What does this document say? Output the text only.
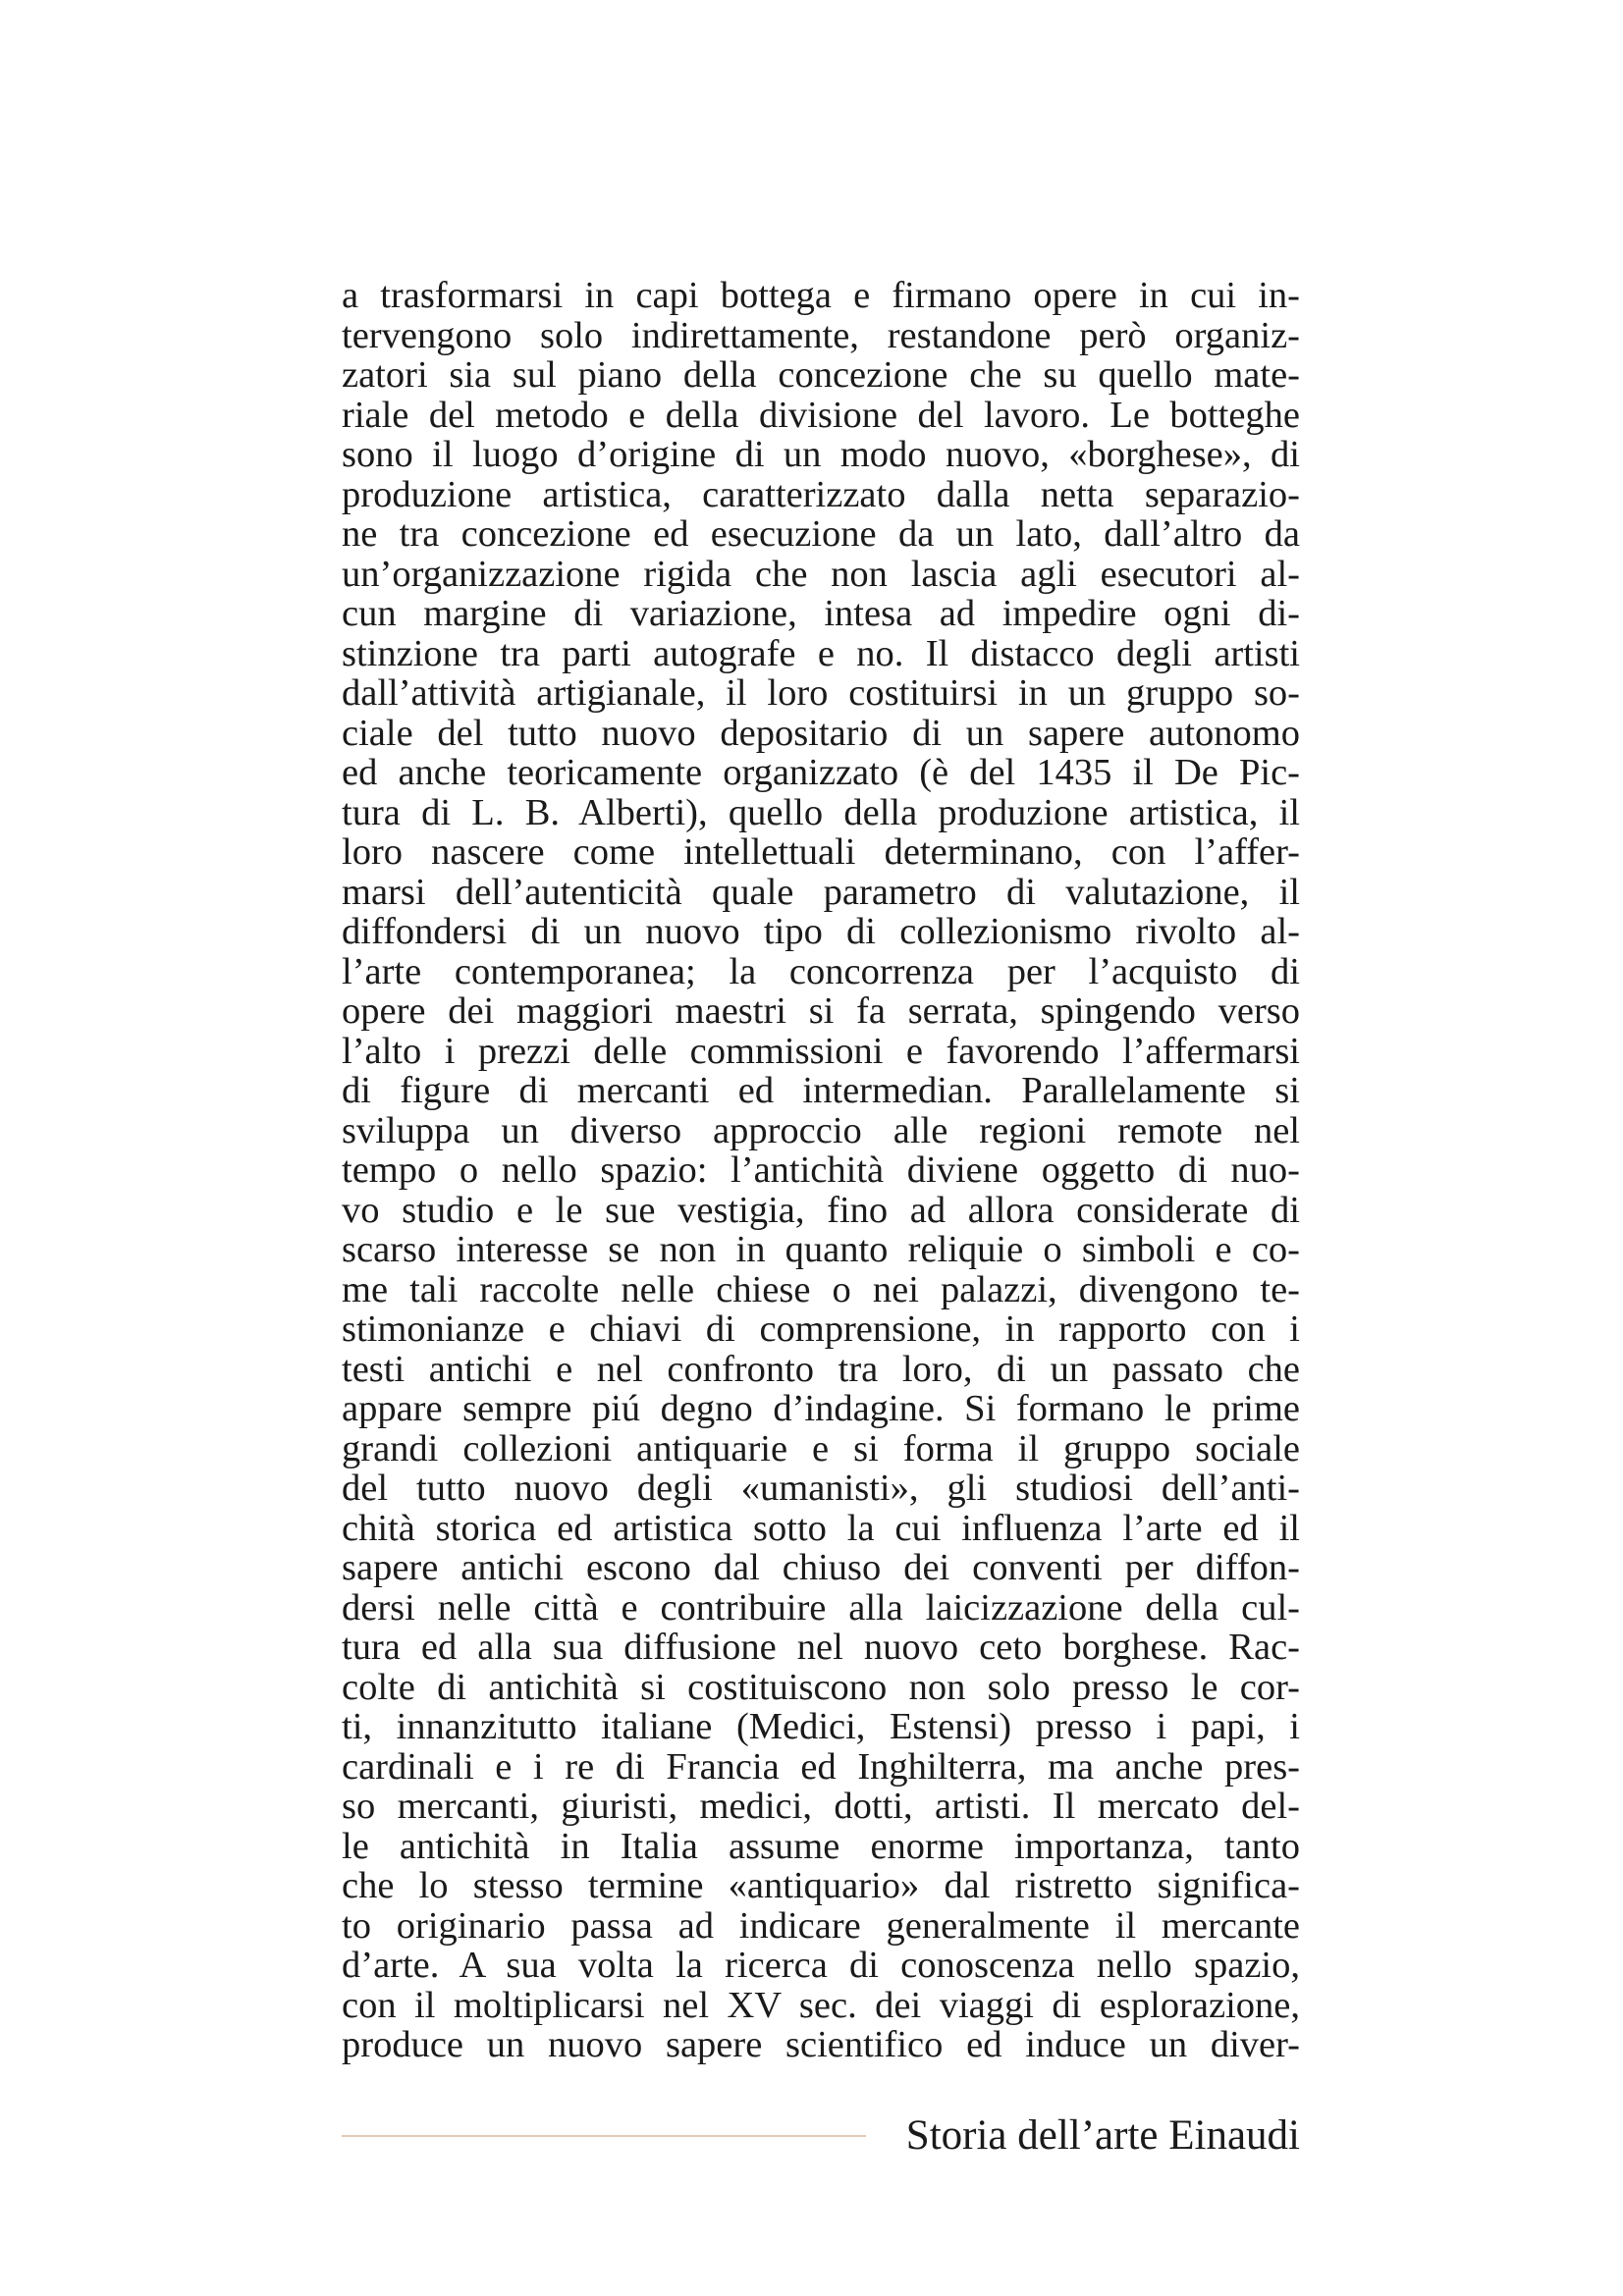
a trasformarsi in capi bottega e firmano opere in cui in-
tervengono solo indirettamente, restandone però organiz-
zatori sia sul piano della concezione che su quello mate-
riale del metodo e della divisione del lavoro. Le botteghe
sono il luogo d’origine di un modo nuovo, «borghese», di
produzione artistica, caratterizzato dalla netta separazio-
ne tra concezione ed esecuzione da un lato, dall’altro da
un’organizzazione rigida che non lascia agli esecutori al-
cun margine di variazione, intesa ad impedire ogni di-
stinzione tra parti autografe e no. Il distacco degli artisti
dall’attività artigianale, il loro costituirsi in un gruppo so-
ciale del tutto nuovo depositario di un sapere autonomo
ed anche teoricamente organizzato (è del 1435 il De Pic-
tura di L. B. Alberti), quello della produzione artistica, il
loro nascere come intellettuali determinano, con l’affer-
marsi dell’autenticità quale parametro di valutazione, il
diffondersi di un nuovo tipo di collezionismo rivolto al-
l’arte contemporanea; la concorrenza per l’acquisto di
opere dei maggiori maestri si fa serrata, spingendo verso
l’alto i prezzi delle commissioni e favorendo l’affermarsi
di figure di mercanti ed intermedian. Parallelamente si
sviluppa un diverso approccio alle regioni remote nel
tempo o nello spazio: l’antichità diviene oggetto di nuo-
vo studio e le sue vestigia, fino ad allora considerate di
scarso interesse se non in quanto reliquie o simboli e co-
me tali raccolte nelle chiese o nei palazzi, divengono te-
stimonianze e chiavi di comprensione, in rapporto con i
testi antichi e nel confronto tra loro, di un passato che
appare sempre piú degno d’indagine. Si formano le prime
grandi collezioni antiquarie e si forma il gruppo sociale
del tutto nuovo degli «umanisti», gli studiosi dell’anti-
chità storica ed artistica sotto la cui influenza l’arte ed il
sapere antichi escono dal chiuso dei conventi per diffon-
dersi nelle città e contribuire alla laicizzazione della cul-
tura ed alla sua diffusione nel nuovo ceto borghese. Rac-
colte di antichità si costituiscono non solo presso le cor-
ti, innanzitutto italiane (Medici, Estensi) presso i papi, i
cardinali e i re di Francia ed Inghilterra, ma anche pres-
so mercanti, giuristi, medici, dotti, artisti. Il mercato del-
le antichità in Italia assume enorme importanza, tanto
che lo stesso termine «antiquario» dal ristretto significa-
to originario passa ad indicare generalmente il mercante
d’arte. A sua volta la ricerca di conoscenza nello spazio,
con il moltiplicarsi nel XV sec. dei viaggi di esplorazione,
produce un nuovo sapere scientifico ed induce un diver-
Storia dell’arte Einaudi
